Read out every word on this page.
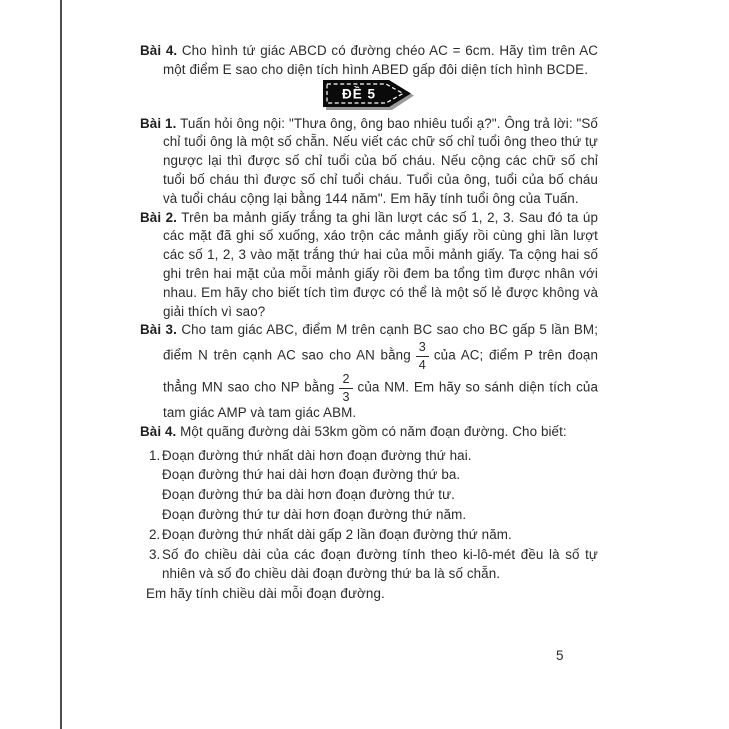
Bài 4. Cho hình tứ giác ABCD có đường chéo AC = 6cm. Hãy tìm trên AC một điểm E sao cho diện tích hình ABED gấp đôi diện tích hình BCDE.

ĐỀ 5

Bài 1. Tuấn hỏi ông nội: "Thưa ông, ông bao nhiêu tuổi ạ?". Ông trả lời: "Số chỉ tuổi ông là một số chẵn. Nếu viết các chữ số chỉ tuổi ông theo thứ tự ngược lại thì được số chỉ tuổi của bố cháu. Nếu cộng các chữ số chỉ tuổi bố cháu thì được số chỉ tuổi cháu. Tuổi của ông, tuổi của bố cháu và tuổi cháu cộng lại bằng 144 năm". Em hãy tính tuổi ông của Tuấn.

Bài 2. Trên ba mảnh giấy trắng ta ghi lần lượt các số 1, 2, 3. Sau đó ta úp các mặt đã ghi số xuống, xáo trộn các mảnh giấy rồi cùng ghi lần lượt các số 1, 2, 3 vào mặt trắng thứ hai của mỗi mảnh giấy. Ta cộng hai số ghi trên hai mặt của mỗi mảnh giấy rồi đem ba tổng tìm được nhân với nhau. Em hãy cho biết tích tìm được có thể là một số lẻ được không và giải thích vì sao?

Bài 3. Cho tam giác ABC, điểm M trên cạnh BC sao cho BC gấp 5 lần BM; điểm N trên cạnh AC sao cho AN bằng $\frac{3}{4}$ của AC; điểm P trên đoạn thẳng MN sao cho NP bằng $\frac{2}{3}$ của NM. Em hãy so sánh diện tích của tam giác AMP và tam giác ABM.

Bài 4. Một quãng đường dài 53km gồm có năm đoạn đường. Cho biết:

1. Đoạn đường thứ nhất dài hơn đoạn đường thứ hai.
Đoạn đường thứ hai dài hơn đoạn đường thứ ba.
Đoạn đường thứ ba dài hơn đoạn đường thứ tư.
Đoạn đường thứ tư dài hơn đoạn đường thứ năm.
2. Đoạn đường thứ nhất dài gấp 2 lần đoạn đường thứ năm.
3. Số đo chiều dài của các đoạn đường tính theo ki-lô-mét đều là số tự nhiên và số đo chiều dài đoạn đường thứ ba là số chẵn.

Em hãy tính chiều dài mỗi đoạn đường.

5
